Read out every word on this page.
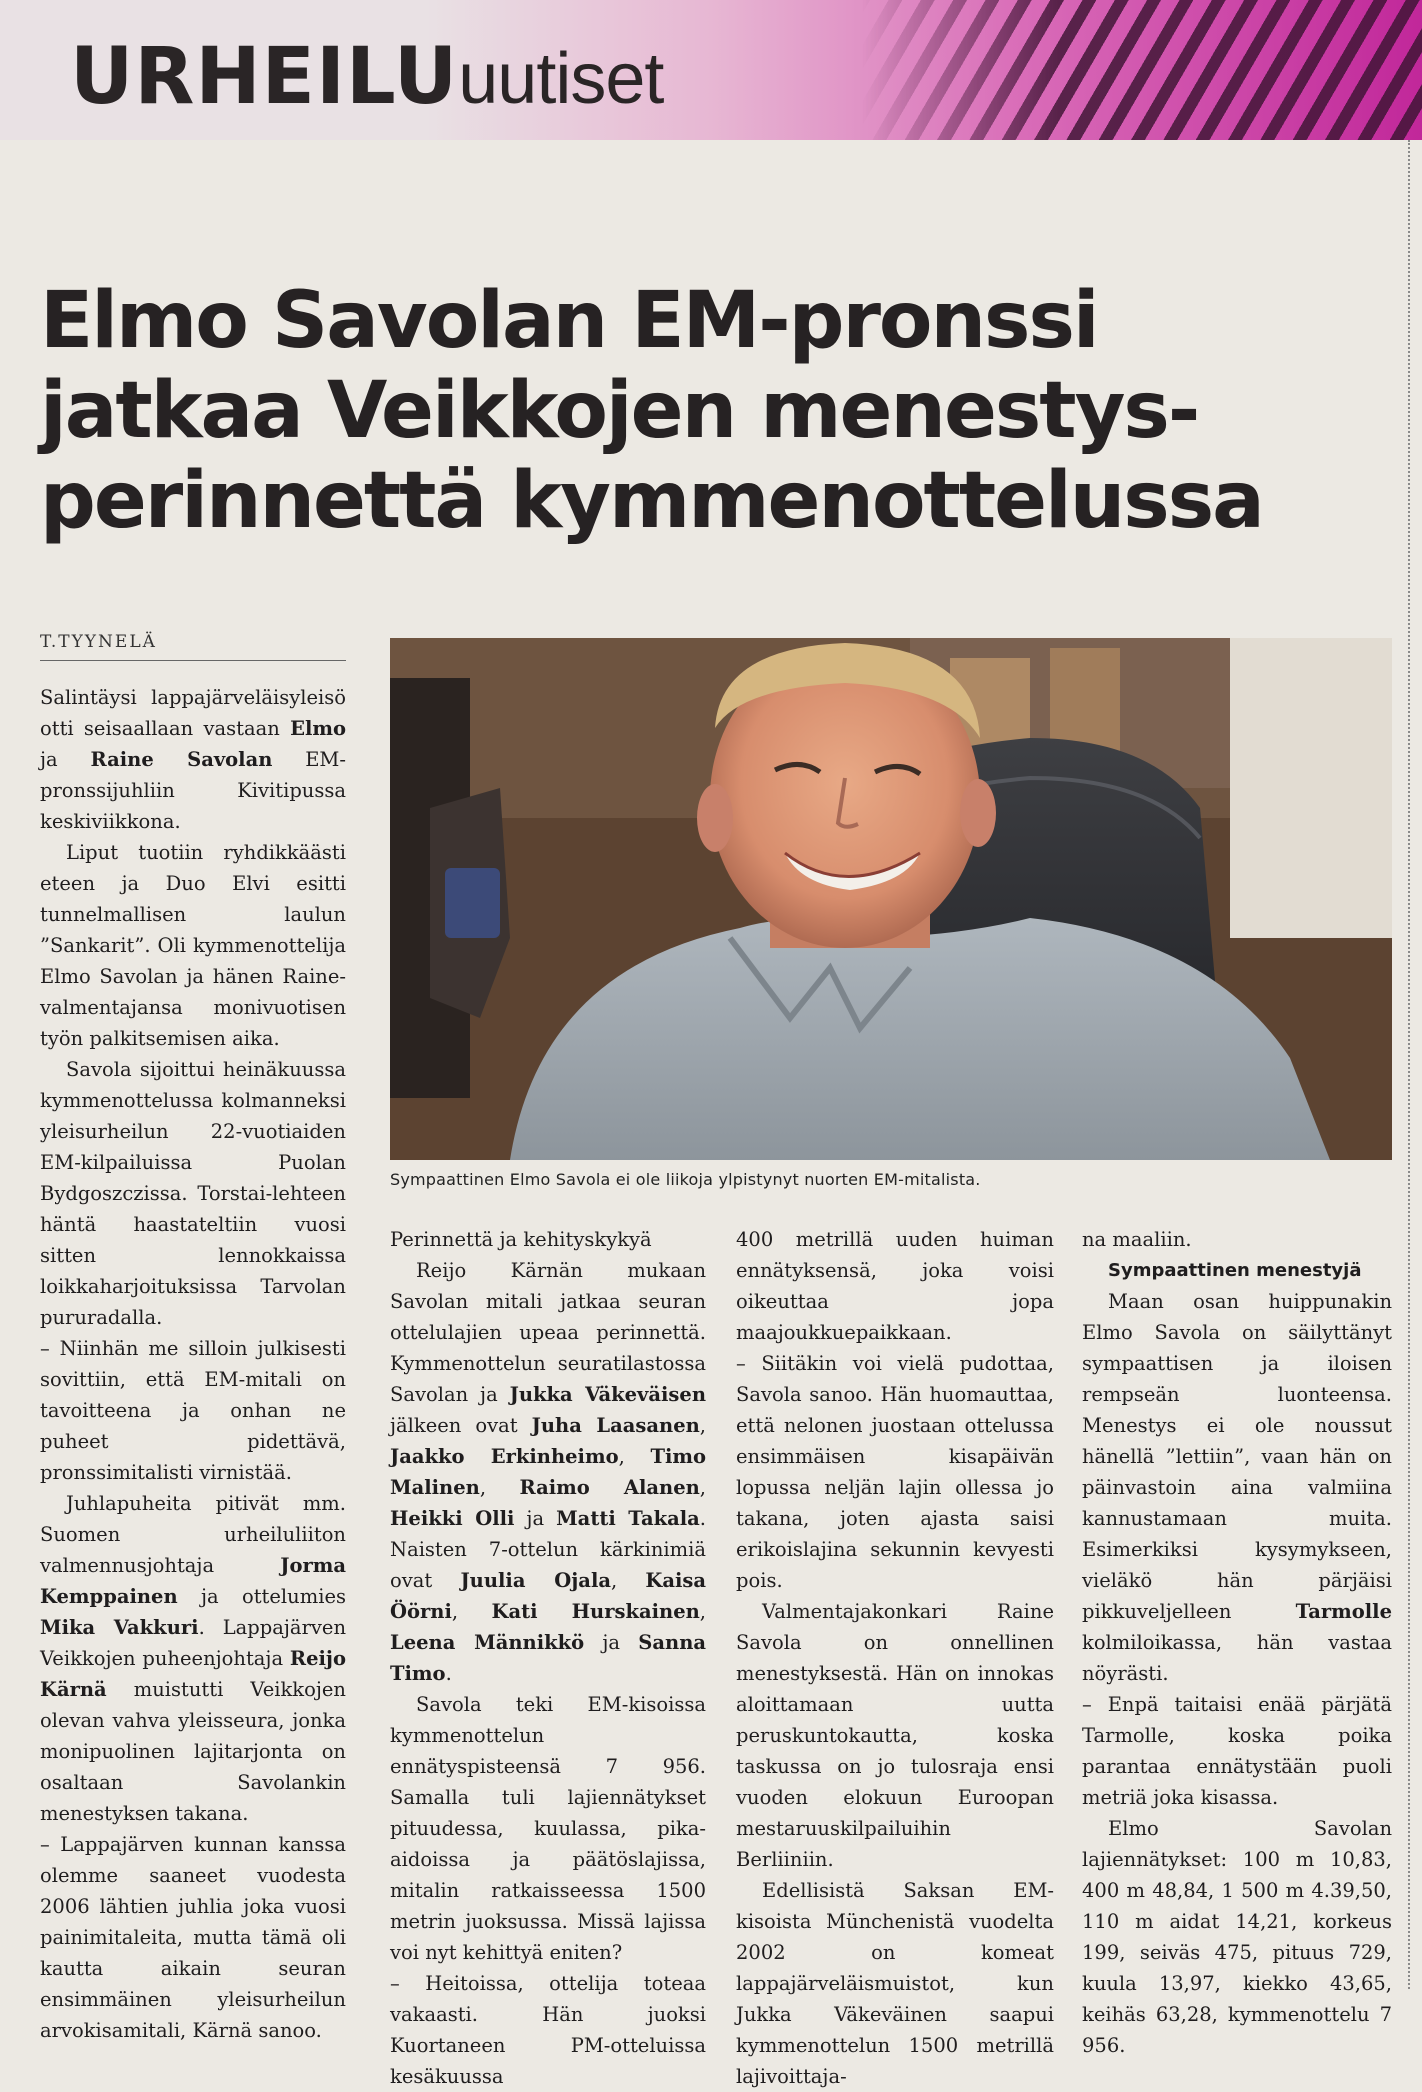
URHEILUuutiset
Elmo Savolan EM-pronssi
jatkaa Veikkojen menestys-
perinnettä kymmenottelussa
T.TYYNELÄ
Sympaattinen Elmo Savola ei ole liikoja ylpistynyt nuorten EM-mitalista.

Salintäysi lappajärveläisyleisö otti seisaallaan vastaan Elmo ja Raine Savolan EM-pronssijuhliin Kivitipussa keskiviikkona.

Liput tuotiin ryhdikkäästi eteen ja Duo Elvi esitti tunnelmallisen laulun ”Sankarit”. Oli kymmenottelija Elmo Savolan ja hänen Raine-valmentajansa monivuotisen työn palkitsemisen aika.

Savola sijoittui heinäkuussa kymmenottelussa kolmanneksi yleisurheilun 22-vuotiaiden EM-kilpailuissa Puolan Bydgoszczissa. Torstai-lehteen häntä haastateltiin vuosi sitten lennokkaissa loikkaharjoituksissa Tarvolan pururadalla.

– Niinhän me silloin julkisesti sovittiin, että EM-mitali on tavoitteena ja onhan ne puheet pidettävä, pronssimitalisti virnistää.

Juhlapuheita pitivät mm. Suomen urheiluliiton valmennusjohtaja Jorma Kemppainen ja ottelumies Mika Vakkuri. Lappajärven Veikkojen puheenjohtaja Reijo Kärnä muistutti Veikkojen olevan vahva yleisseura, jonka monipuolinen lajitarjonta on osaltaan Savolankin menestyksen takana.

– Lappajärven kunnan kanssa olemme saaneet vuodesta 2006 lähtien juhlia joka vuosi painimitaleita, mutta tämä oli kautta aikain seuran ensimmäinen yleisurheilun arvokisamitali, Kärnä sanoo.

Perinnettä ja kehityskykyä

Reijo Kärnän mukaan Savolan mitali jatkaa seuran ottelulajien upeaa perinnettä. Kymmenottelun seuratilastossa Savolan ja Jukka Väkeväisen jälkeen ovat Juha Laasanen, Jaakko Erkinheimo, Timo Malinen, Raimo Alanen, Heikki Olli ja Matti Takala. Naisten 7-ottelun kärkinimiä ovat Juulia Ojala, Kaisa Öörni, Kati Hurskainen, Leena Männikkö ja Sanna Timo.

Savola teki EM-kisoissa kymmenottelun ennätyspisteensä 7 956. Samalla tuli lajiennätykset pituudessa, kuulassa, pika-aidoissa ja päätöslajissa, mitalin ratkaisseessa 1500 metrin juoksussa. Missä lajissa voi nyt kehittyä eniten?

– Heitoissa, ottelija toteaa vakaasti. Hän juoksi Kuortaneen PM-otteluissa kesäkuussa

400 metrillä uuden huiman ennätyksensä, joka voisi oikeuttaa jopa maajoukkuepaikkaan.

– Siitäkin voi vielä pudottaa, Savola sanoo. Hän huomauttaa, että nelonen juostaan ottelussa ensimmäisen kisapäivän lopussa neljän lajin ollessa jo takana, joten ajasta saisi erikoislajina sekunnin kevyesti pois.

Valmentajakonkari Raine Savola on onnellinen menestyksestä. Hän on innokas aloittamaan uutta peruskuntokautta, koska taskussa on jo tulosraja ensi vuoden elokuun Euroopan mestaruuskilpailuihin Berliiniin.

Edellisistä Saksan EM-kisoista Münchenistä vuodelta 2002 on komeat lappajärveläismuistot, kun Jukka Väkeväinen saapui kymmenottelun 1500 metrillä lajivoittaja-

na maaliin.

Sympaattinen menestyjä

Maan osan huippunakin Elmo Savola on säilyttänyt sympaattisen ja iloisen rempseän luonteensa. Menestys ei ole noussut hänellä ”lettiin”, vaan hän on päinvastoin aina valmiina kannustamaan muita. Esimerkiksi kysymykseen, vieläkö hän pärjäisi pikkuveljelleen Tarmolle kolmiloikassa, hän vastaa nöyrästi.

– Enpä taitaisi enää pärjätä Tarmolle, koska poika parantaa ennätystään puoli metriä joka kisassa.

Elmo Savolan lajiennätykset: 100 m 10,83, 400 m 48,84, 1 500 m 4.39,50, 110 m aidat 14,21, korkeus 199, seiväs 475, pituus 729, kuula 13,97, kiekko 43,65, keihäs 63,28, kymmenottelu 7 956.
